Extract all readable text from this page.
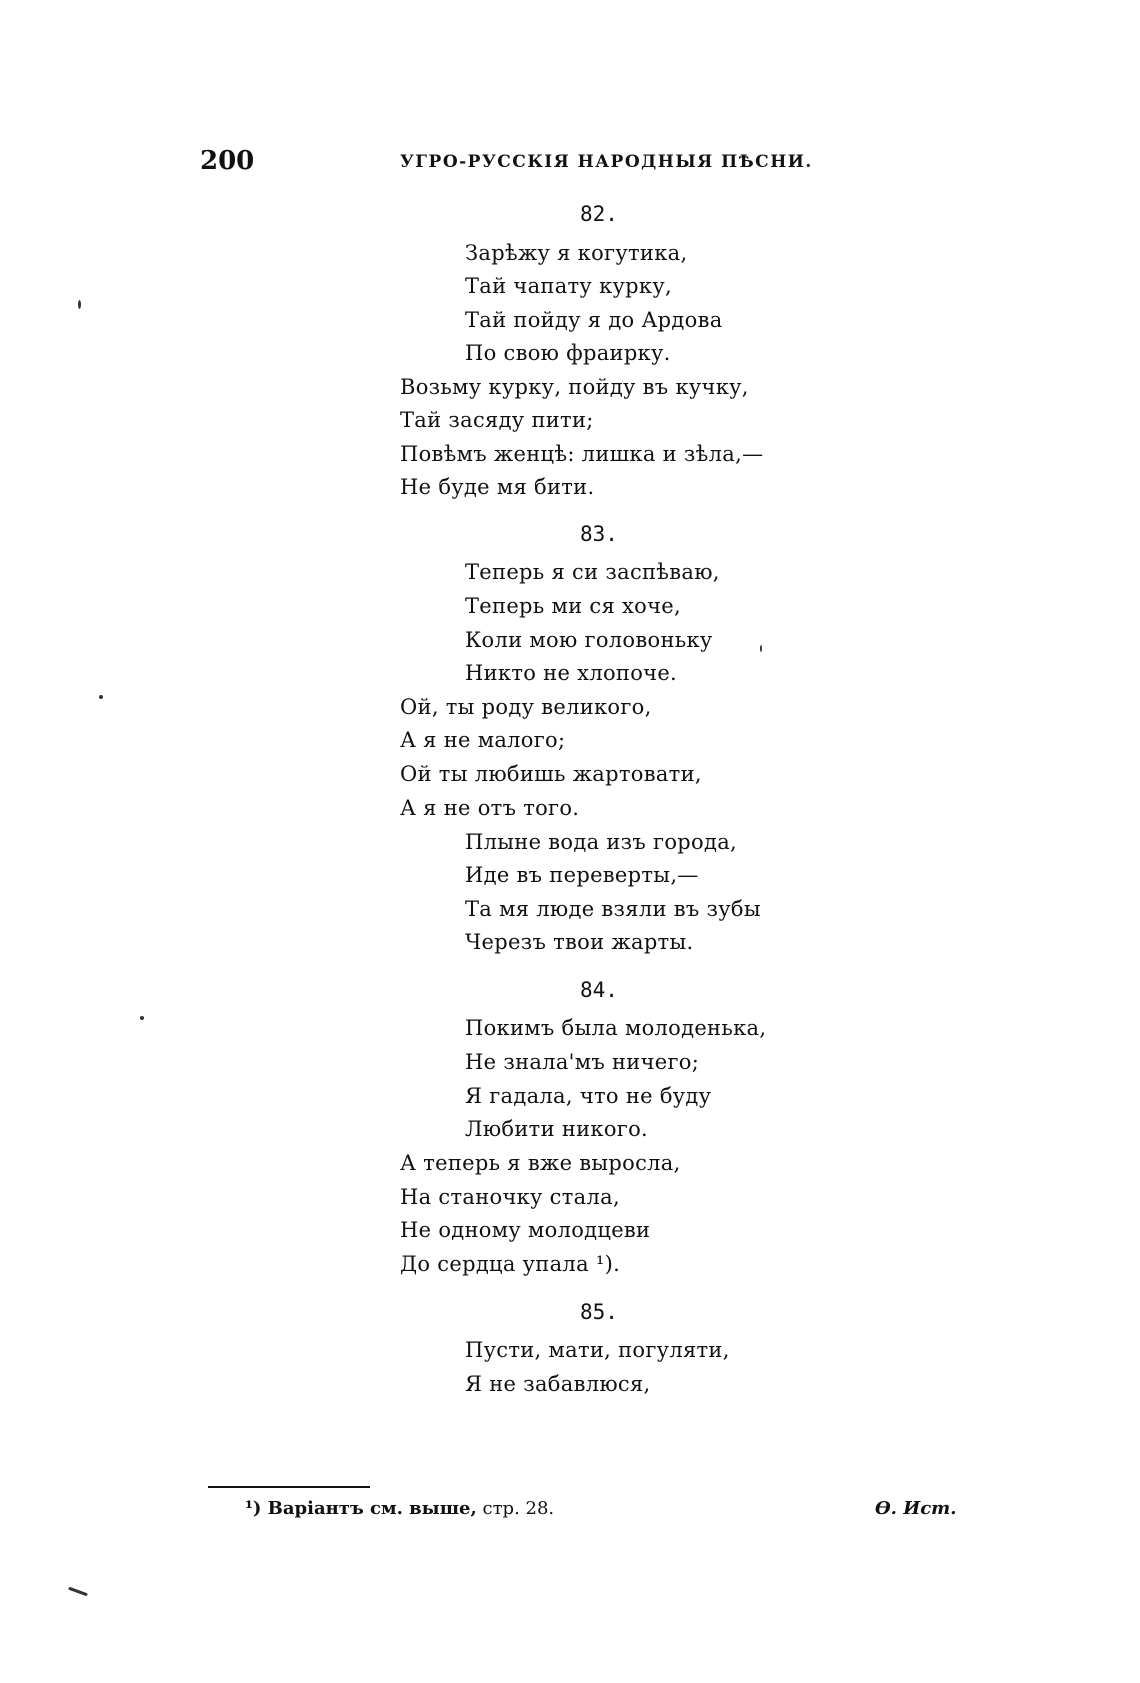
200	УГРО-РУССКІЯ НАРОДНЫЯ ПѢСНИ.
82.
Зарѣжу я когутика,
Тай чапату курку,
Тай пойду я до Ардова
По свою фраирку.
Возьму курку, пойду въ кучку,
Тай засяду пити;
Повѣмъ женцѣ: лишка и зѣла,—
Не буде мя бити.
83.
Теперь я си заспѣваю,
Теперь ми ся хоче,
Коли мою головоньку
Никто не хлопоче.
Ой, ты роду великого,
А я не малого;
Ой ты любишь жартовати,
А я не отъ того.
Плыне вода изъ города,
Иде въ переверты,—
Та мя люде взяли въ зубы
Черезъ твои жарты.
84.
Покимъ была молоденька,
Не знала'мъ ничего;
Я гадала, что не буду
Любити никого.
А теперь я вже выросла,
На станочку стала,
Не одному молодцеви
До сердца упала ¹).
85.
Пусти, мати, погуляти,
Я не забавлюся,
¹) Варіантъ см. выше, стр. 28.	Ѳ. Ист.
